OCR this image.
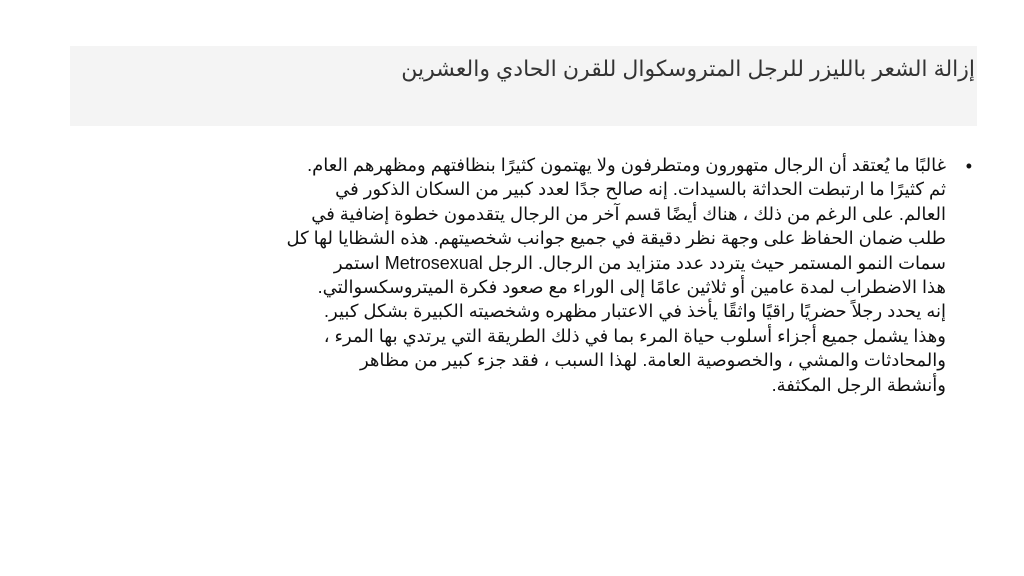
إزالة الشعر بالليزر للرجل المتروسكوال للقرن الحادي والعشرين
•

غالبًا ما يُعتقد أن الرجال متهورون ومتطرفون ولا يهتمون كثيرًا بنظافتهم ومظهرهم العام.
ثم كثيرًا ما ارتبطت الحداثة بالسيدات. إنه صالح جدًا لعدد كبير من السكان الذكور في
العالم. على الرغم من ذلك ، هناك أيضًا قسم آخر من الرجال يتقدمون خطوة إضافية في
طلب ضمان الحفاظ على وجهة نظر دقيقة في جميع جوانب شخصيتهم. هذه الشظايا لها كل
سمات النمو المستمر حيث يتردد عدد متزايد من الرجال. الرجل Metrosexual استمر
هذا الاضطراب لمدة عامين أو ثلاثين عامًا إلى الوراء مع صعود فكرة الميتروسكسوالتي.
إنه يحدد رجلاً حضريًا راقيًا واثقًا يأخذ في الاعتبار مظهره وشخصيته الكبيرة بشكل كبير.
وهذا يشمل جميع أجزاء أسلوب حياة المرء بما في ذلك الطريقة التي يرتدي بها المرء ،
والمحادثات والمشي ، والخصوصية العامة. لهذا السبب ، فقد جزء كبير من مظاهر
وأنشطة الرجل المكثفة.
